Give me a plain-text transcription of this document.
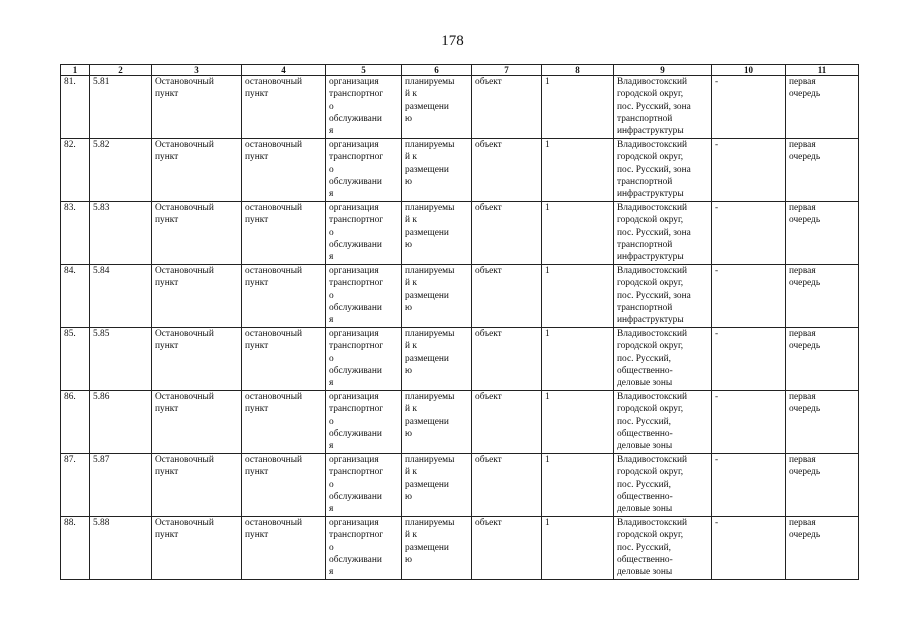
178
1	2	3	4	5	6	7	8	9	10	11

81.	5.81	Остановочный
пункт	остановочный
пункт	организация
транспортног
о
обслуживани
я	планируемы
й к
размещени
ю	объект	1	Владивостокский
городской округ,
пос. Русский, зона
транспортной
инфраструктуры	-	первая
очередь

82.	5.82	Остановочный
пункт	остановочный
пункт	организация
транспортног
о
обслуживани
я	планируемы
й к
размещени
ю	объект	1	Владивостокский
городской округ,
пос. Русский, зона
транспортной
инфраструктуры	-	первая
очередь

83.	5.83	Остановочный
пункт	остановочный
пункт	организация
транспортног
о
обслуживани
я	планируемы
й к
размещени
ю	объект	1	Владивостокский
городской округ,
пос. Русский, зона
транспортной
инфраструктуры	-	первая
очередь

84.	5.84	Остановочный
пункт	остановочный
пункт	организация
транспортног
о
обслуживани
я	планируемы
й к
размещени
ю	объект	1	Владивостокский
городской округ,
пос. Русский, зона
транспортной
инфраструктуры	-	первая
очередь

85.	5.85	Остановочный
пункт	остановочный
пункт	организация
транспортног
о
обслуживани
я	планируемы
й к
размещени
ю	объект	1	Владивостокский
городской округ,
пос. Русский,
общественно-
деловые зоны	-	первая
очередь

86.	5.86	Остановочный
пункт	остановочный
пункт	организация
транспортног
о
обслуживани
я	планируемы
й к
размещени
ю	объект	1	Владивостокский
городской округ,
пос. Русский,
общественно-
деловые зоны	-	первая
очередь

87.	5.87	Остановочный
пункт	остановочный
пункт	организация
транспортног
о
обслуживани
я	планируемы
й к
размещени
ю	объект	1	Владивостокский
городской округ,
пос. Русский,
общественно-
деловые зоны	-	первая
очередь

88.	5.88	Остановочный
пункт	остановочный
пункт	организация
транспортног
о
обслуживани
я	планируемы
й к
размещени
ю	объект	1	Владивостокский
городской округ,
пос. Русский,
общественно-
деловые зоны	-	первая
очередь
